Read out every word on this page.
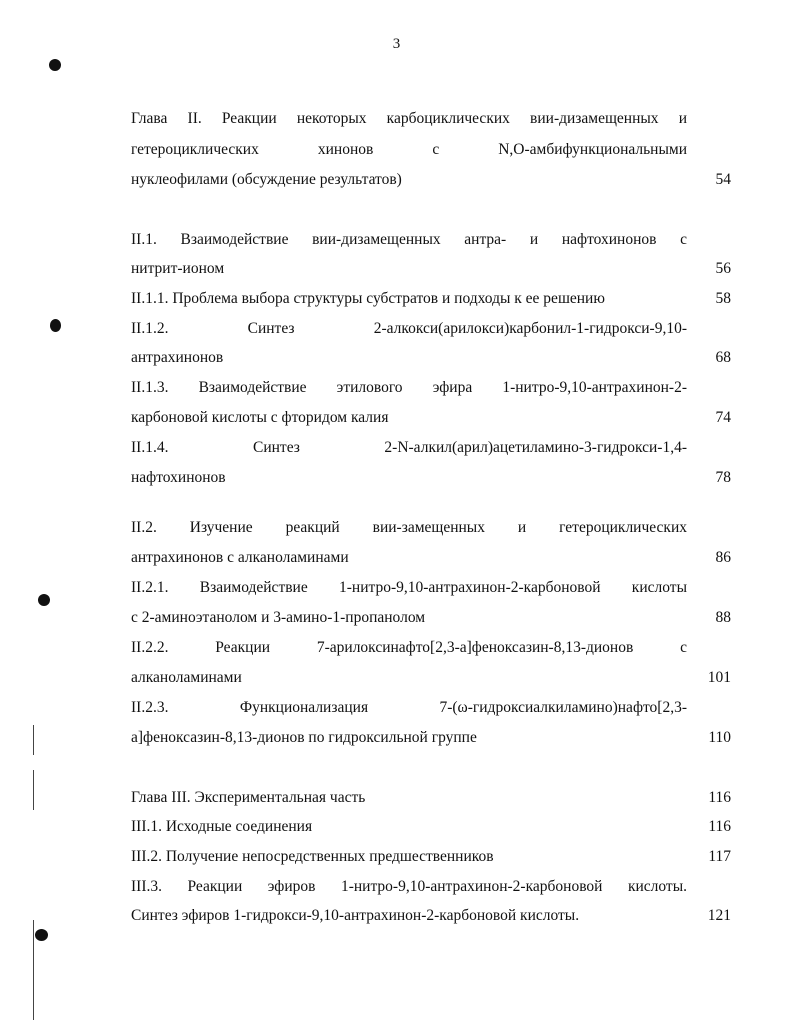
3
Глава II. Реакции некоторых карбоциклических вии-дизамещенных и
гетероциклических хинонов с N,O-амбифункциональными
нуклеофилами (обсуждение результатов)	54
II.1. Взаимодействие вии-дизамещенных антра- и нафтохинонов с
нитрит-ионом	56
II.1.1. Проблема выбора структуры субстратов и подходы к ее решению	58
II.1.2. Синтез 2-алкокси(арилокси)карбонил-1-гидрокси-9,10-
антрахинонов	68
II.1.3. Взаимодействие этилового эфира 1-нитро-9,10-антрахинон-2-
карбоновой кислоты с фторидом калия	74
II.1.4. Синтез 2-N-алкил(арил)ацетиламино-3-гидрокси-1,4-
нафтохинонов	78
II.2. Изучение реакций вии-замещенных и гетероциклических
антрахинонов с алканоламинами	86
II.2.1. Взаимодействие 1-нитро-9,10-антрахинон-2-карбоновой кислоты
с 2-аминоэтанолом и 3-амино-1-пропанолом	88
II.2.2. Реакции 7-арилоксинафто[2,3-a]феноксазин-8,13-дионов с
алканоламинами	101
II.2.3. Функционализация 7-(ω-гидроксиалкиламино)нафто[2,3-
a]феноксазин-8,13-дионов по гидроксильной группе	110
Глава III. Экспериментальная часть	116
III.1. Исходные соединения	116
III.2. Получение непосредственных предшественников	117
III.3. Реакции эфиров 1-нитро-9,10-антрахинон-2-карбоновой кислоты.
Синтез эфиров 1-гидрокси-9,10-антрахинон-2-карбоновой кислоты.	121
